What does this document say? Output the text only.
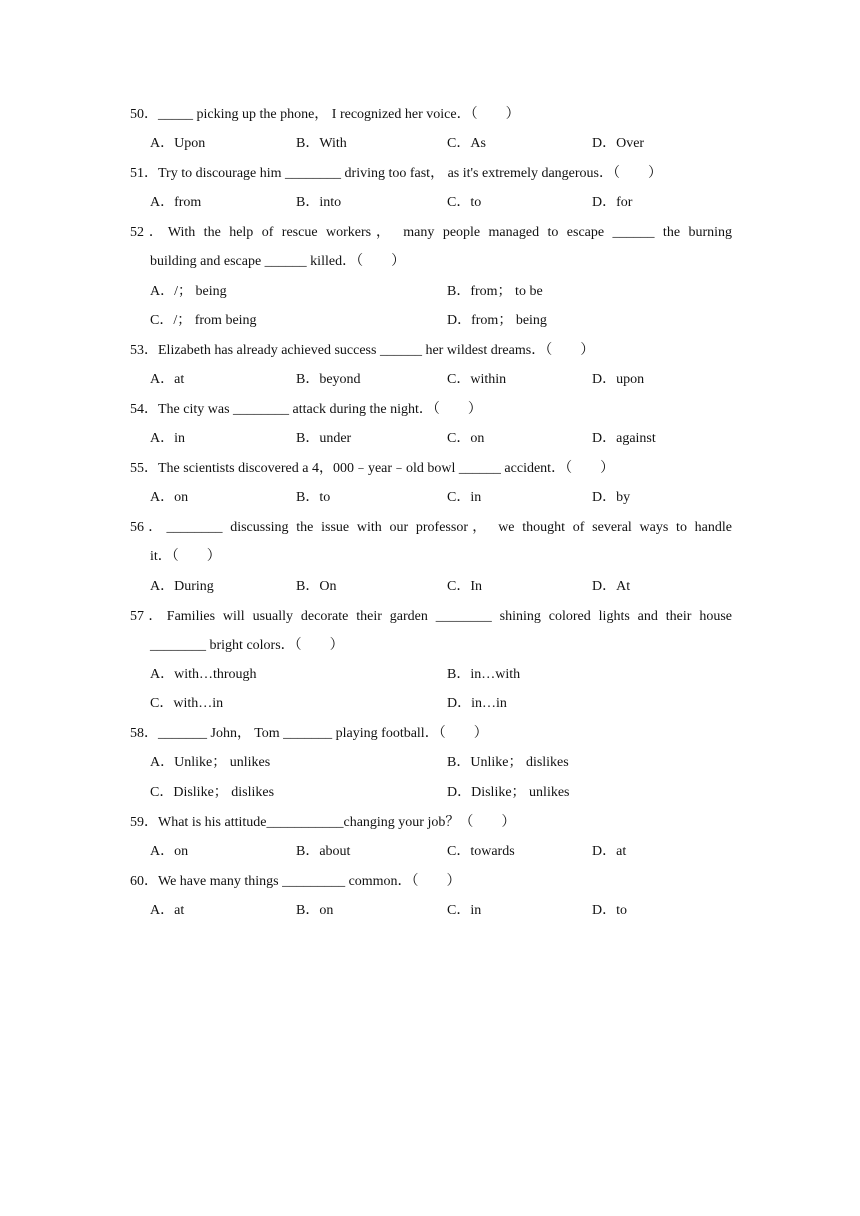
50．_____ picking up the phone， I recognized her voice．（　　）
A．Upon	B．With	C．As	D．Over
51．Try to discourage him ________ driving too fast， as it's extremely dangerous．（　　）
A．from	B．into	C．to	D．for
52．With the help of rescue workers， many people managed to escape ______ the burning
building and escape ______ killed．（　　）
A．/； being	B．from； to be
C．/； from being	D．from； being
53．Elizabeth has already achieved success ______ her wildest dreams．（　　）
A．at	B．beyond	C．within	D．upon
54．The city was ________ attack during the night．（　　）
A．in	B．under	C．on	D．against
55．The scientists discovered a 4，000﹣year﹣old bowl ______ accident．（　　）
A．on	B．to	C．in	D．by
56．________ discussing the issue with our professor， we thought of several ways to handle
it．（　　）
A．During	B．On	C．In	D．At
57．Families will usually decorate their garden ________ shining colored lights and their house
________ bright colors．（　　）
A．with…through	B．in…with
C．with…in	D．in…in
58．_______ John， Tom _______ playing football．（　　）
A．Unlike； unlikes	B．Unlike； dislikes
C．Dislike； dislikes	D．Dislike； unlikes
59．What is his attitude___________changing your job？（　　）
A．on	B．about	C．towards	D．at
60．We have many things _________ common．（　　）
A．at	B．on	C．in	D．to
